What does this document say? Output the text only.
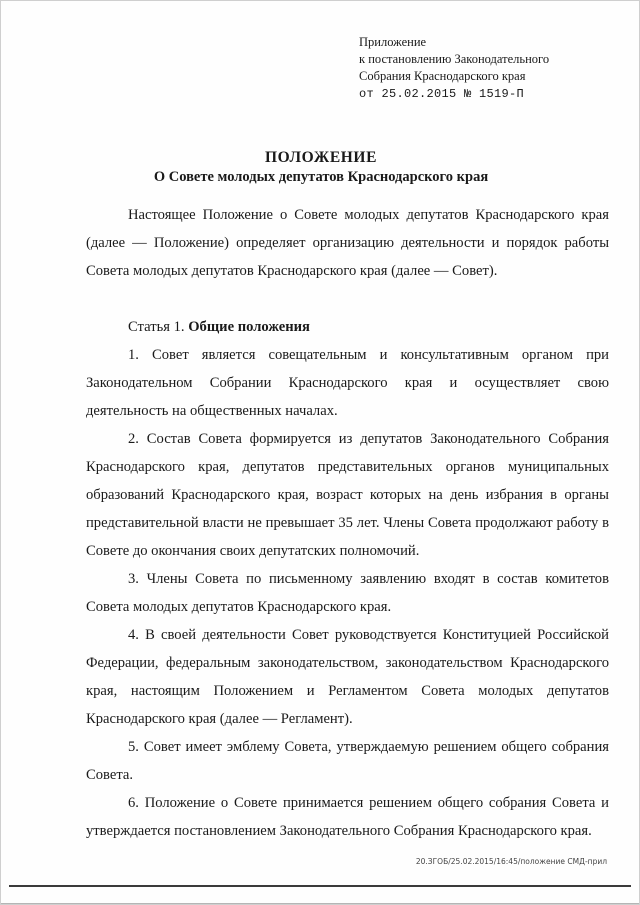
Приложение
к постановлению Законодательного
Собрания Краснодарского края
от 25.02.2015 № 1519-П
ПОЛОЖЕНИЕ
О Совете молодых депутатов Краснодарского края

Настоящее Положение о Совете молодых депутатов Краснодарского края (далее — Положение) определяет организацию деятельности и порядок работы Совета молодых депутатов Краснодарского края (далее — Совет).

Статья 1. Общие положения

1. Совет является совещательным и консультативным органом при Законодательном Собрании Краснодарского края и осуществляет свою деятельность на общественных началах.

2. Состав Совета формируется из депутатов Законодательного Собрания Краснодарского края, депутатов представительных органов муниципальных образований Краснодарского края, возраст которых на день избрания в органы представительной власти не превышает 35 лет. Члены Совета продолжают работу в Совете до окончания своих депутатских полномочий.

3. Члены Совета по письменному заявлению входят в состав комитетов Совета молодых депутатов Краснодарского края.

4. В своей деятельности Совет руководствуется Конституцией Российской Федерации, федеральным законодательством, законодательством Краснодарского края, настоящим Положением и Регламентом Совета молодых депутатов Краснодарского края (далее — Регламент).

5. Совет имеет эмблему Совета, утверждаемую решением общего собрания Совета.

6. Положение о Совете принимается решением общего собрания Совета и утверждается постановлением Законодательного Собрания Краснодарского края.

20.ЗГОБ/25.02.2015/16:45/положение СМД-прил
